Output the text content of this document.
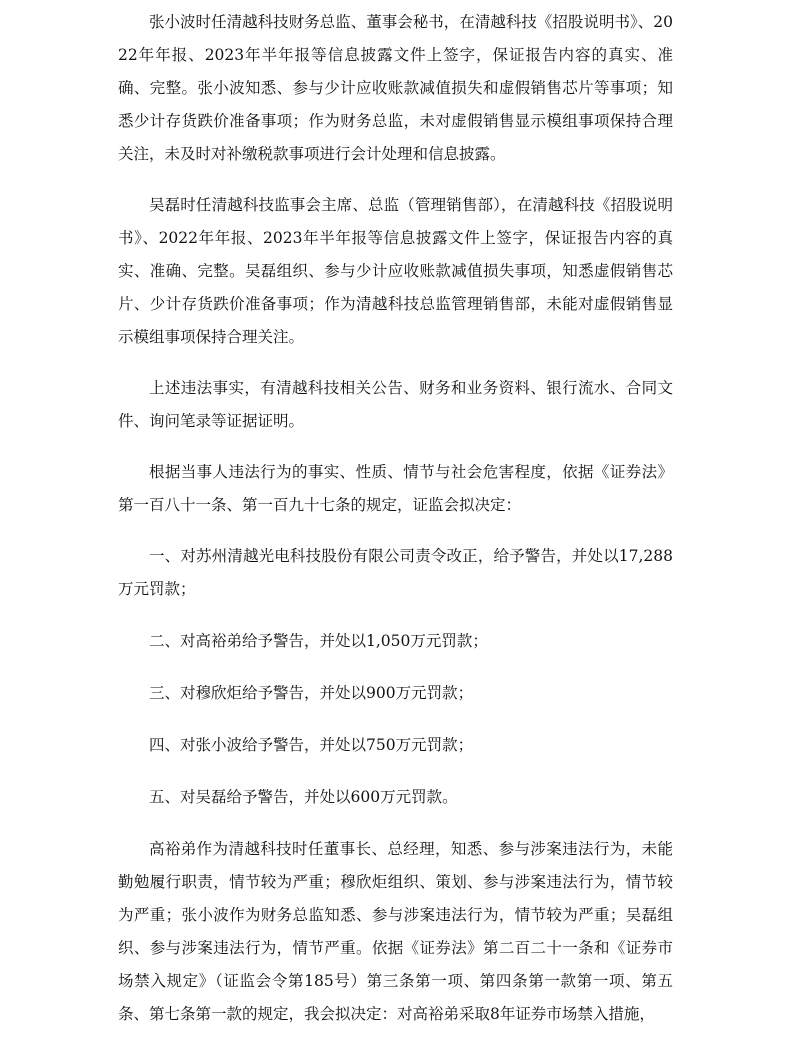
张小波时任清越科技财务总监、董事会秘书，在清越科技《招股说明书》、2022年年报、2023年半年报等信息披露文件上签字，保证报告内容的真实、准确、完整。张小波知悉、参与少计应收账款减值损失和虚假销售芯片等事项；知悉少计存货跌价准备事项；作为财务总监，未对虚假销售显示模组事项保持合理关注，未及时对补缴税款事项进行会计处理和信息披露。

吴磊时任清越科技监事会主席、总监（管理销售部），在清越科技《招股说明书》、2022年年报、2023年半年报等信息披露文件上签字，保证报告内容的真实、准确、完整。吴磊组织、参与少计应收账款减值损失事项，知悉虚假销售芯片、少计存货跌价准备事项；作为清越科技总监管理销售部，未能对虚假销售显示模组事项保持合理关注。

上述违法事实，有清越科技相关公告、财务和业务资料、银行流水、合同文件、询问笔录等证据证明。

根据当事人违法行为的事实、性质、情节与社会危害程度，依据《证券法》第一百八十一条、第一百九十七条的规定，证监会拟决定：

一、对苏州清越光电科技股份有限公司责令改正，给予警告，并处以17,288万元罚款；

二、对高裕弟给予警告，并处以1,050万元罚款；

三、对穆欣炬给予警告，并处以900万元罚款；

四、对张小波给予警告，并处以750万元罚款；

五、对吴磊给予警告，并处以600万元罚款。

高裕弟作为清越科技时任董事长、总经理，知悉、参与涉案违法行为，未能勤勉履行职责，情节较为严重；穆欣炬组织、策划、参与涉案违法行为，情节较为严重；张小波作为财务总监知悉、参与涉案违法行为，情节较为严重；吴磊组织、参与涉案违法行为，情节严重。依据《证券法》第二百二十一条和《证券市场禁入规定》（证监会令第185号）第三条第一项、第四条第一款第一项、第五条、第七条第一款的规定，我会拟决定：对高裕弟采取8年证券市场禁入措施，
